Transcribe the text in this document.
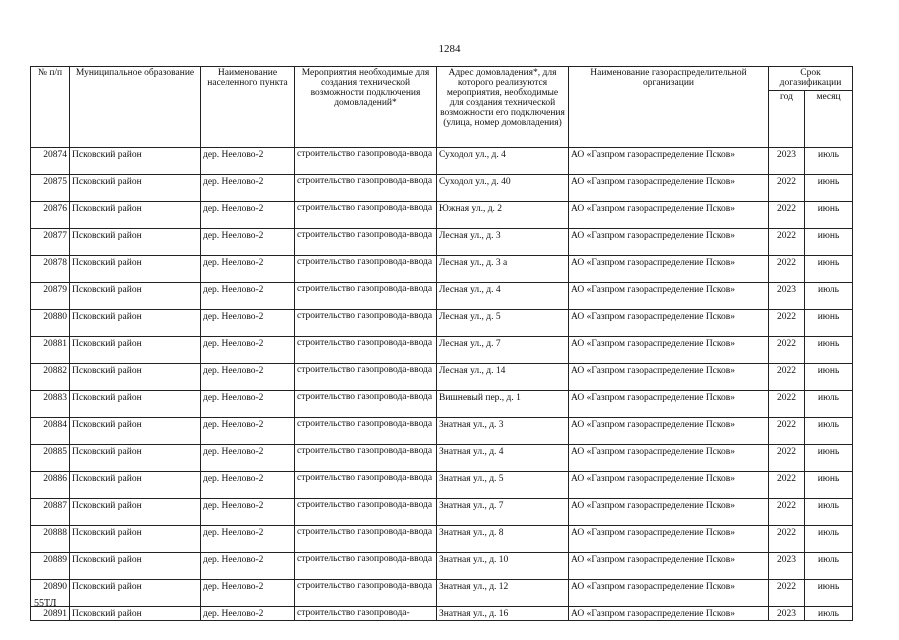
1284
№ п/п	Муниципальное образование	Наименование населенного пункта	Мероприятия необходимые для создания технической возможности подключения домовладений*	Адрес домовладения*, для которого реализуются мероприятия, необходимые для создания технической возможности его подключения (улица, номер домовладения)	Наименование газораспределительной организации	Срок догазификации	
						год	месяц
20874	Псковский район	дер. Неелово-2	строительство газопровода-ввода	Суходол ул., д. 4	АО «Газпром газораспределение Псков»	2023	июль
20875	Псковский район	дер. Неелово-2	строительство газопровода-ввода	Суходол ул., д. 40	АО «Газпром газораспределение Псков»	2022	июнь
20876	Псковский район	дер. Неелово-2	строительство газопровода-ввода	Южная ул., д. 2	АО «Газпром газораспределение Псков»	2022	июнь
20877	Псковский район	дер. Неелово-2	строительство газопровода-ввода	Лесная ул., д. 3	АО «Газпром газораспределение Псков»	2022	июнь
20878	Псковский район	дер. Неелово-2	строительство газопровода-ввода	Лесная ул., д. 3 а	АО «Газпром газораспределение Псков»	2022	июнь
20879	Псковский район	дер. Неелово-2	строительство газопровода-ввода	Лесная ул., д. 4	АО «Газпром газораспределение Псков»	2023	июль
20880	Псковский район	дер. Неелово-2	строительство газопровода-ввода	Лесная ул., д. 5	АО «Газпром газораспределение Псков»	2022	июнь
20881	Псковский район	дер. Неелово-2	строительство газопровода-ввода	Лесная ул., д. 7	АО «Газпром газораспределение Псков»	2022	июнь
20882	Псковский район	дер. Неелово-2	строительство газопровода-ввода	Лесная ул., д. 14	АО «Газпром газораспределение Псков»	2022	июнь
20883	Псковский район	дер. Неелово-2	строительство газопровода-ввода	Вишневый пер., д. 1	АО «Газпром газораспределение Псков»	2022	июль
20884	Псковский район	дер. Неелово-2	строительство газопровода-ввода	Знатная ул., д. 3	АО «Газпром газораспределение Псков»	2022	июль
20885	Псковский район	дер. Неелово-2	строительство газопровода-ввода	Знатная ул., д. 4	АО «Газпром газораспределение Псков»	2022	июнь
20886	Псковский район	дер. Неелово-2	строительство газопровода-ввода	Знатная ул., д. 5	АО «Газпром газораспределение Псков»	2022	июнь
20887	Псковский район	дер. Неелово-2	строительство газопровода-ввода	Знатная ул., д. 7	АО «Газпром газораспределение Псков»	2022	июль
20888	Псковский район	дер. Неелово-2	строительство газопровода-ввода	Знатная ул., д. 8	АО «Газпром газораспределение Псков»	2022	июль
20889	Псковский район	дер. Неелово-2	строительство газопровода-ввода	Знатная ул., д. 10	АО «Газпром газораспределение Псков»	2023	июль
20890	Псковский район	дер. Неелово-2	строительство газопровода-ввода	Знатная ул., д. 12	АО «Газпром газораспределение Псков»	2022	июнь
20891	Псковский район	дер. Неелово-2	строительство газопровода-	Знатная ул., д. 16	АО «Газпром газораспределение Псков»	2023	июль
55ТЛ
